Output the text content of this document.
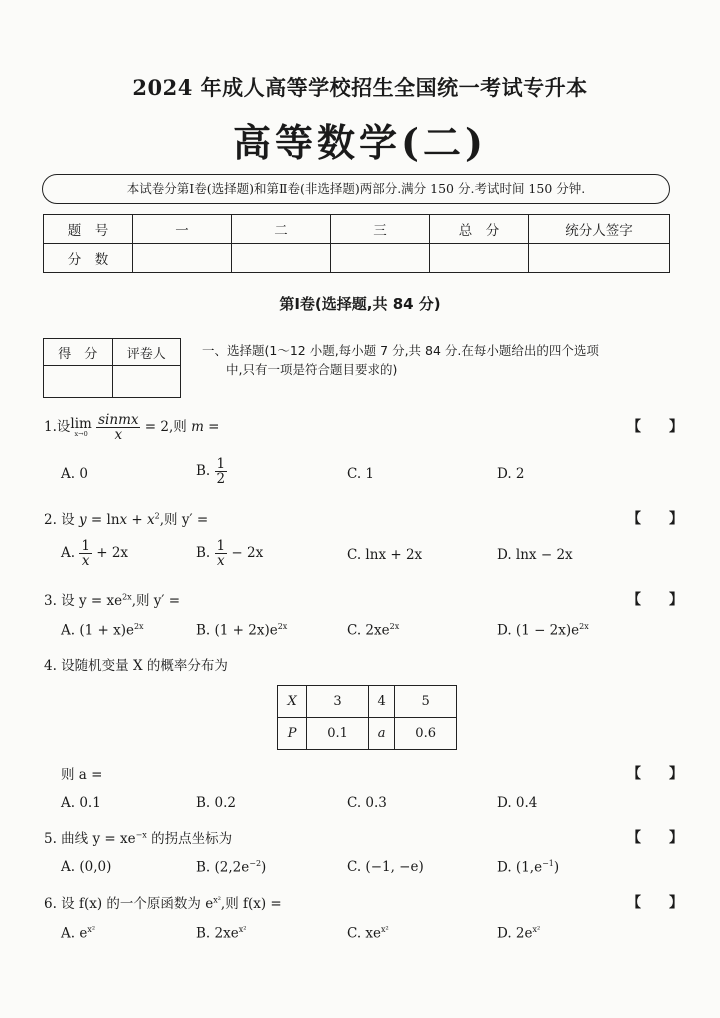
2024 年成人高等学校招生全国统一考试专升本
高等数学(二)
本试卷分第Ⅰ卷(选择题)和第Ⅱ卷(非选择题)两部分.满分 150 分.考试时间 150 分钟.
题　号	一	二	三	总　分	统分人签字
分　数					
第Ⅰ卷(选择题,共 84 分)
得　分	评卷人
		一、选择题(1～12 小题,每小题 7 分,共 84 分.在每小题给出的四个选项
中,只有一项是符合题目要求的)
1.设lim
x→0
$\frac{\text{sinmx}}{x} = 2$,则 m =	【　　】
A. 0	B. $\frac{1}{2}$	C. 1	D. 2
2. 设 $y = \ln x + x^2$,则 y′ =	【　　】
A. $\frac{1}{x} + 2x$	B. $\frac{1}{x} - 2x$	C. lnx + 2x	D. lnx − 2x
3. 设 $y = xe^{2x}$,则 y′ =	【　　】
A. $(1 + x)e^{2x}$	B. $(1 + 2x)e^{2x}$	C. $2xe^{2x}$	D. $(1 - 2x)e^{2x}$
4. 设随机变量 X 的概率分布为
X	3	4	5
P	0.1	a	0.6
则 a =	【　　】
A. 0.1	B. 0.2	C. 0.3	D. 0.4
5. 曲线 $y = xe^{-x}$ 的拐点坐标为	【　　】
A. (0,0)	B. $(2,2e^{-2})$	C. (−1, −e)	D. $(1,e^{-1})$
6. 设 f(x) 的一个原函数为 $e^{x^2}$,则 f(x) =	【　　】
A. $e^{x^2}$	B. $2xe^{x^2}$	C. $xe^{x^2}$	D. $2e^{x^2}$
